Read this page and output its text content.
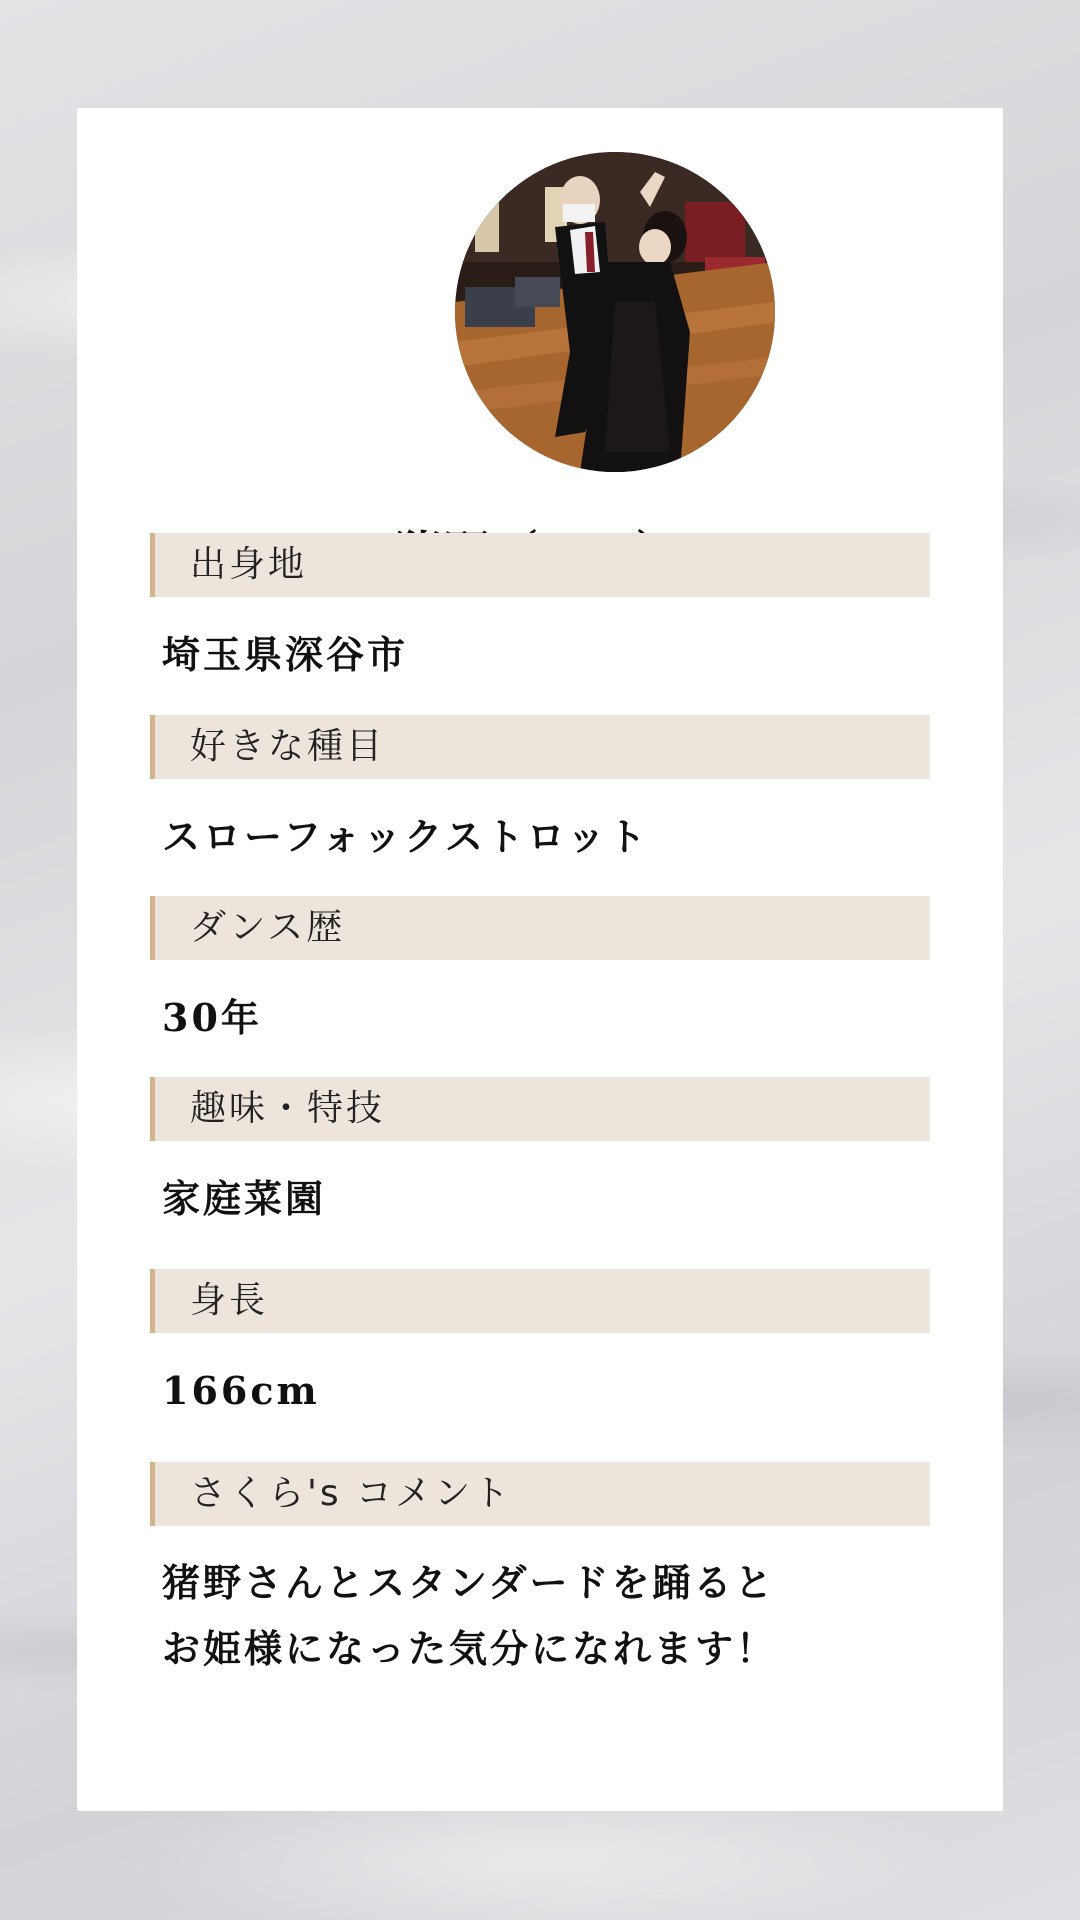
出身地
埼玉県深谷市
好きな種目
スローフォックストロット
ダンス歴
30年
趣味・特技
家庭菜園
身長
166cm
さくら's コメント
猪野さんとスタンダードを踊ると
お姫様になった気分になれます！
